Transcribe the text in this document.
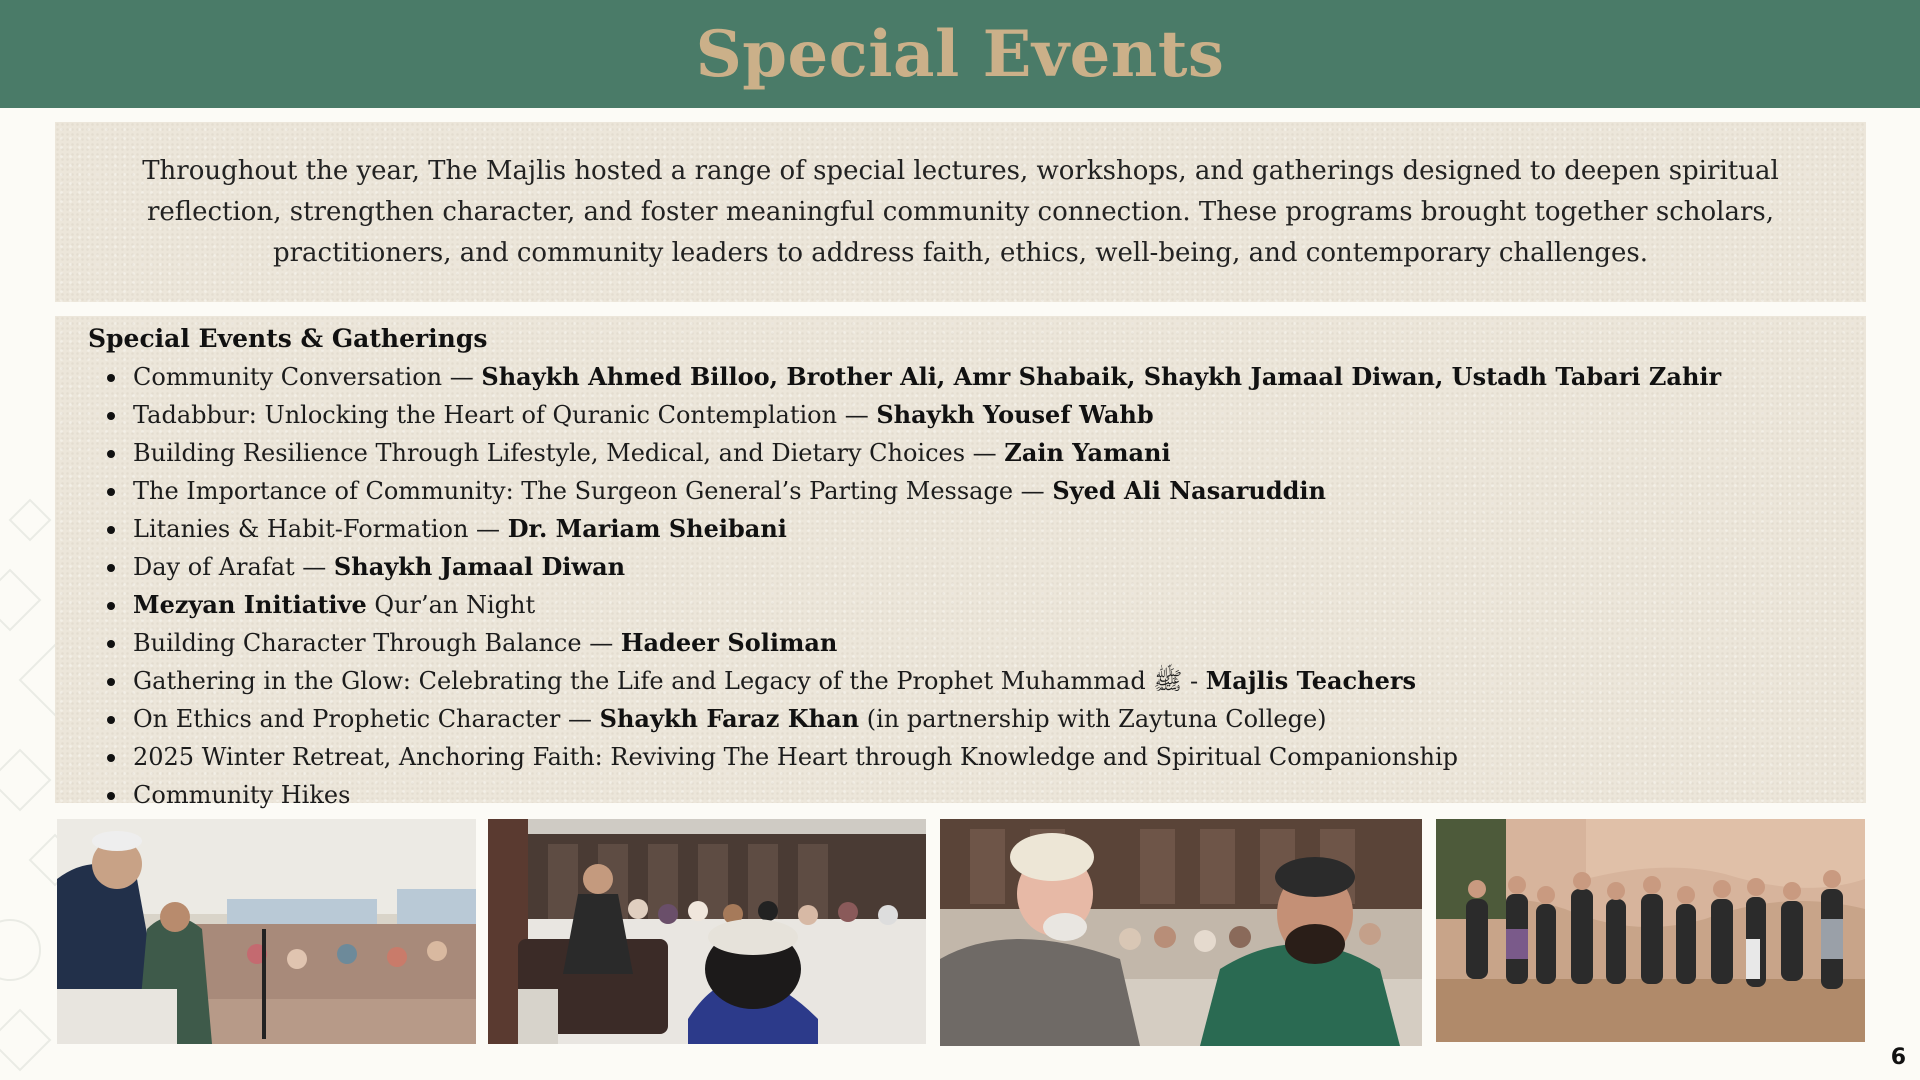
Special Events

Throughout the year, The Majlis hosted a range of special lectures, workshops, and gatherings designed to deepen spiritual reflection, strengthen character, and foster meaningful community connection. These programs brought together scholars, practitioners, and community leaders to address faith, ethics, well-being, and contemporary challenges.

Special Events & Gatherings
Community Conversation — Shaykh Ahmed Billoo, Brother Ali, Amr Shabaik, Shaykh Jamaal Diwan, Ustadh Tabari Zahir
Tadabbur: Unlocking the Heart of Quranic Contemplation — Shaykh Yousef Wahb
Building Resilience Through Lifestyle, Medical, and Dietary Choices — Zain Yamani
The Importance of Community: The Surgeon General’s Parting Message — Syed Ali Nasaruddin
Litanies & Habit-Formation — Dr. Mariam Sheibani
Day of Arafat — Shaykh Jamaal Diwan
Mezyan Initiative Qur’an Night
Building Character Through Balance — Hadeer Soliman
Gathering in the Glow: Celebrating the Life and Legacy of the Prophet Muhammad ﷺ - Majlis Teachers
On Ethics and Prophetic Character — Shaykh Faraz Khan (in partnership with Zaytuna College)
2025 Winter Retreat, Anchoring Faith: Reviving The Heart through Knowledge and Spiritual Companionship
Community Hikes
6
